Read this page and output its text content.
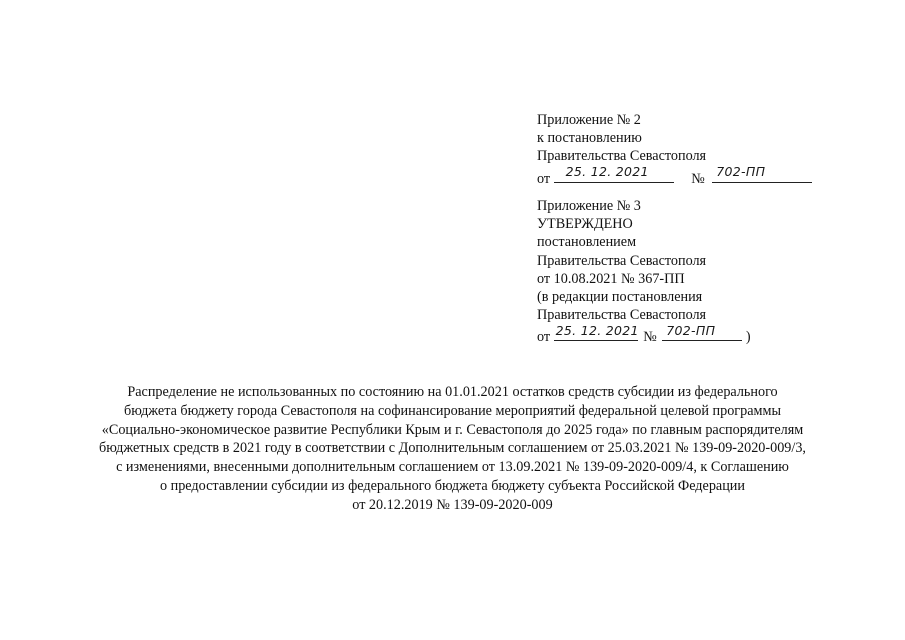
Приложение № 2
к постановлению
Правительства Севастополя
от 25. 12. 2021	№ 702-ПП
Приложение № 3
УТВЕРЖДЕНО
постановлением
Правительства Севастополя
от 10.08.2021 № 367-ПП
(в редакции постановления
Правительства Севастополя
от 25. 12. 2021 № 702-ПП )
Распределение не использованных по состоянию на 01.01.2021 остатков средств субсидии из федерального
бюджета бюджету города Севастополя на софинансирование мероприятий федеральной целевой программы
«Социально-экономическое развитие Республики Крым и г. Севастополя до 2025 года» по главным распорядителям
бюджетных средств в 2021 году в соответствии с Дополнительным соглашением от 25.03.2021 № 139-09-2020-009/3,
с изменениями, внесенными дополнительным соглашением от 13.09.2021 № 139-09-2020-009/4, к Соглашению
о предоставлении субсидии из федерального бюджета бюджету субъекта Российской Федерации
от 20.12.2019 № 139-09-2020-009
